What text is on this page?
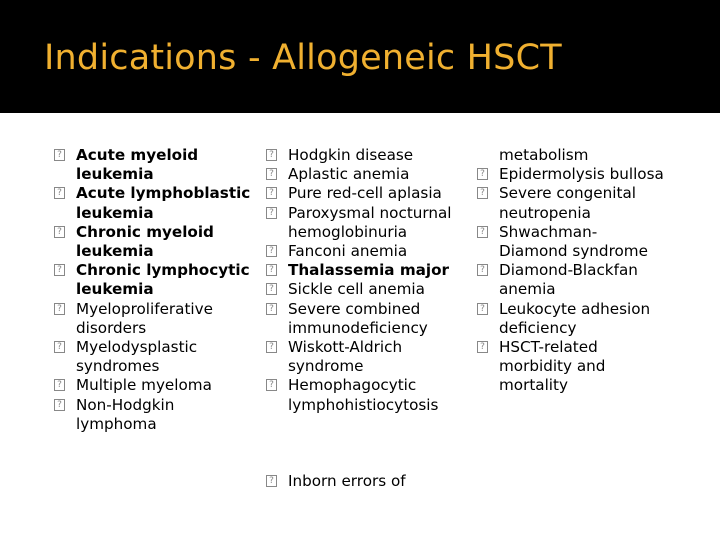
Indications - Allogeneic HSCT
? Acute myeloid
leukemia
? Acute lymphoblastic
leukemia
? Chronic myeloid
leukemia
? Chronic lymphocytic
leukemia
? Myeloproliferative
disorders
? Myelodysplastic
syndromes
? Multiple myeloma
? Non-Hodgkin
lymphoma
? Hodgkin disease
? Aplastic anemia
? Pure red-cell aplasia
? Paroxysmal nocturnal
hemoglobinuria
? Fanconi anemia
? Thalassemia major
? Sickle cell anemia
? Severe combined
immunodeficiency
? Wiskott-Aldrich
syndrome
? Hemophagocytic
lymphohistiocytosis
? Inborn errors of
metabolism
? Epidermolysis bullosa
? Severe congenital
neutropenia
? Shwachman-
Diamond syndrome
? Diamond-Blackfan
anemia
? Leukocyte adhesion
deficiency
? HSCT-related
morbidity and
mortality
